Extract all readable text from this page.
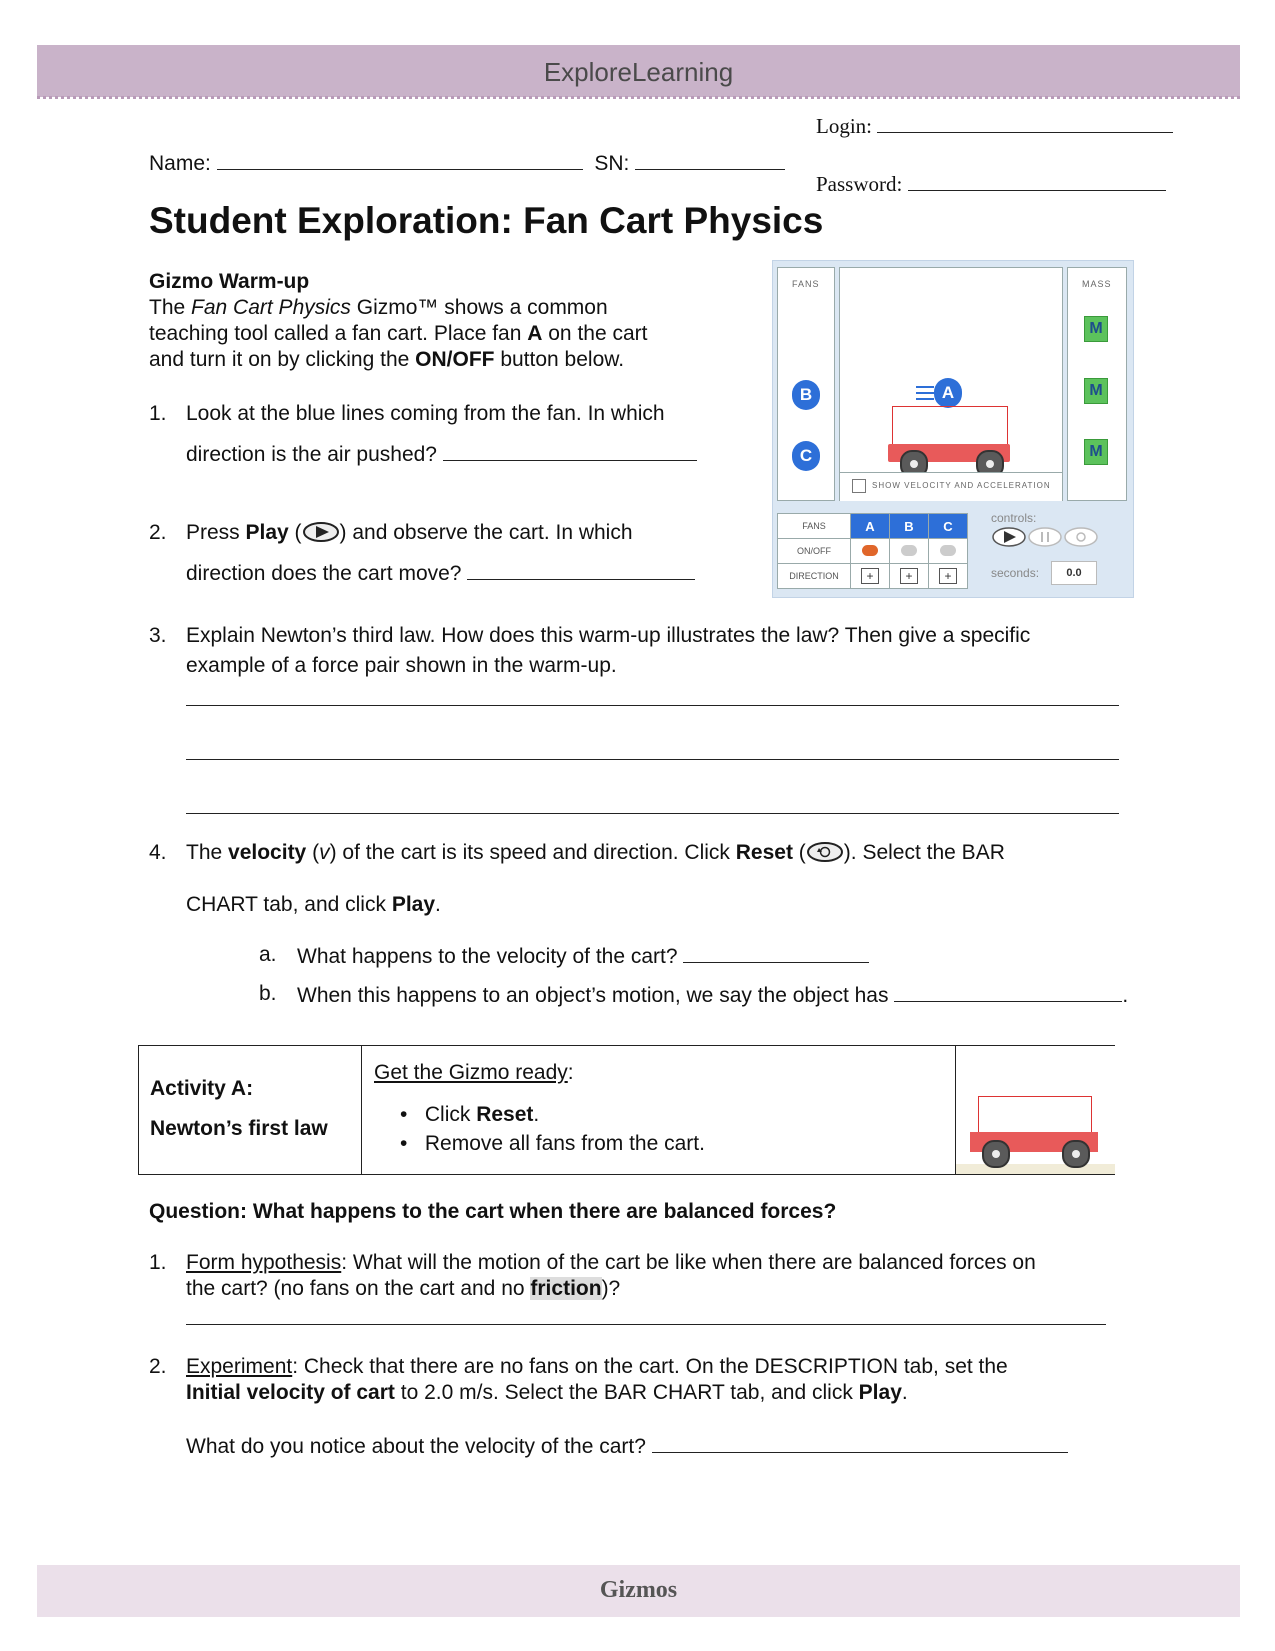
ExploreLearning
Login:
Password:
Name:	SN:
Student Exploration: Fan Cart Physics
Gizmo Warm-up
The Fan Cart Physics Gizmo™ shows a common
teaching tool called a fan cart. Place fan A on the cart
and turn it on by clicking the ON/OFF button below.
1. Look at the blue lines coming from the fan. In which
direction is the air pushed?
2. Press Play ( ) and observe the cart. In which
direction does the cart move?
FANS
B
C
A
SHOW VELOCITY AND ACCELERATION
MASS
M
M
M
FANS	A	B	C
ON/OFF			
DIRECTION	+	+	+
controls:
seconds:	0.0
3. Explain Newton’s third law. How does this warm-up illustrates the law? Then give a specific
example of a force pair shown in the warm-up.
4. The velocity (v) of the cart is its speed and direction. Click Reset ( ). Select the BAR
CHART tab, and click Play.
a. What happens to the velocity of the cart?
b. When this happens to an object’s motion, we say the object has	.
Activity A:
Newton’s first law
Get the Gizmo ready:
•   Click Reset.
•   Remove all fans from the cart.
Question: What happens to the cart when there are balanced forces?
1. Form hypothesis: What will the motion of the cart be like when there are balanced forces on
the cart? (no fans on the cart and no friction)?
2. Experiment: Check that there are no fans on the cart. On the DESCRIPTION tab, set the
Initial velocity of cart to 2.0 m/s. Select the BAR CHART tab, and click Play.
What do you notice about the velocity of the cart?
Gizmos
